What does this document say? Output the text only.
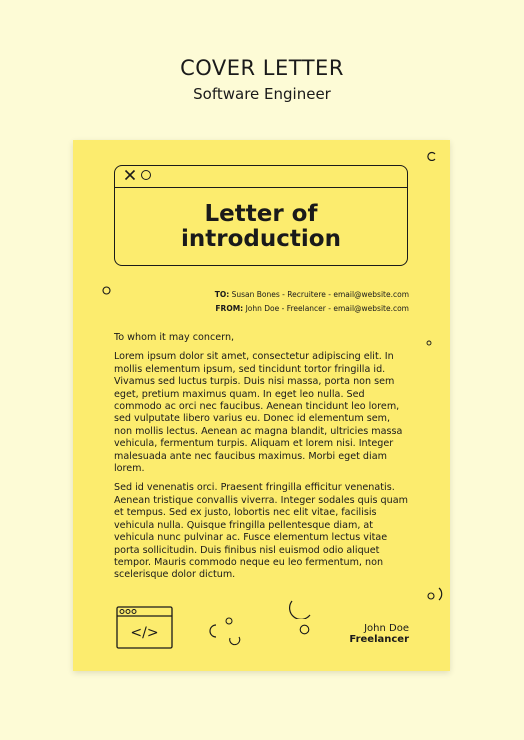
COVER LETTER
Software Engineer
Letter of
introduction
TO: Susan Bones - Recruitere - email@website.com
FROM: John Doe - Freelancer - email@website.com

To whom it may concern,

Lorem ipsum dolor sit amet, consectetur adipiscing elit. In mollis elementum ipsum, sed tincidunt tortor fringilla id. Vivamus sed luctus turpis. Duis nisi massa, porta non sem eget, pretium maximus quam. In eget leo nulla. Sed commodo ac orci nec faucibus. Aenean tincidunt leo lorem, sed vulputate libero varius eu. Donec id elementum sem, non mollis lectus. Aenean ac magna blandit, ultricies massa vehicula, fermentum turpis. Aliquam et lorem nisi. Integer malesuada ante nec faucibus maximus. Morbi eget diam lorem.

Sed id venenatis orci. Praesent fringilla efficitur venenatis. Aenean tristique convallis viverra. Integer sodales quis quam et tempus. Sed ex justo, lobortis nec elit vitae, facilisis vehicula nulla. Quisque fringilla pellentesque diam, at vehicula nunc pulvinar ac. Fusce elementum lectus vitae porta sollicitudin. Duis finibus nisl euismod odio aliquet tempor. Mauris commodo neque eu leo fermentum, non scelerisque dolor dictum.

</>	John Doe
Freelancer
